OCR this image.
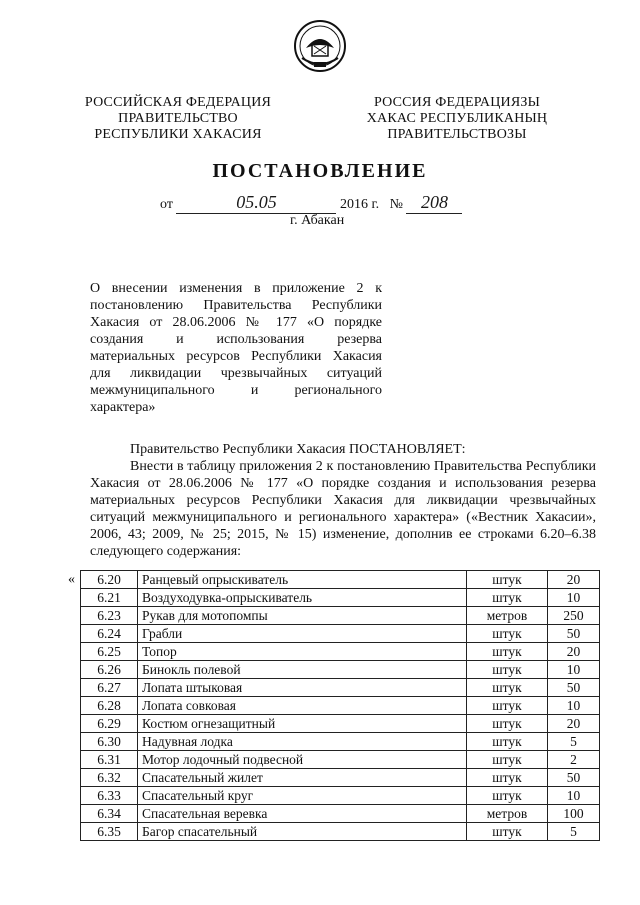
РОССИЙСКАЯ ФЕДЕРАЦИЯ
ПРАВИТЕЛЬСТВО
РЕСПУБЛИКИ ХАКАСИЯ
РОССИЯ ФЕДЕРАЦИЯЗЫ
ХАКАС РЕСПУБЛИКАНЫҢ
ПРАВИТЕЛЬСТВОЗЫ
ПОСТАНОВЛЕНИЕ
от	05.05	2016 г. № 208
г. Абакан

О внесении изменения в приложение 2 к постановлению Правительства Республики Хакасия от 28.06.2006 № 177 «О порядке создания и использования резерва материальных ресурсов Республики Хакасия для ликвидации чрезвычайных ситуаций межмуниципального и регионального характера»

Правительство Республики Хакасия ПОСТАНОВЛЯЕТ:

Внести в таблицу приложения 2 к постановлению Правительства Республики Хакасия от 28.06.2006 № 177 «О порядке создания и использования резерва материальных ресурсов Республики Хакасия для ликвидации чрезвычайных ситуаций межмуниципального и регионального характера» («Вестник Хакасии», 2006, 43; 2009, № 25; 2015, № 15) изменение, дополнив ее строками 6.20–6.38 следующего содержания:

« 6.20	Ранцевый опрыскиватель	штук	20
6.21	Воздуходувка-опрыскиватель	штук	10
6.23	Рукав для мотопомпы	метров	250
6.24	Грабли	штук	50
6.25	Топор	штук	20
6.26	Бинокль полевой	штук	10
6.27	Лопата штыковая	штук	50
6.28	Лопата совковая	штук	10
6.29	Костюм огнезащитный	штук	20
6.30	Надувная лодка	штук	5
6.31	Мотор лодочный подвесной	штук	2
6.32	Спасательный жилет	штук	50
6.33	Спасательный круг	штук	10
6.34	Спасательная веревка	метров	100
6.35	Багор спасательный	штук	5
